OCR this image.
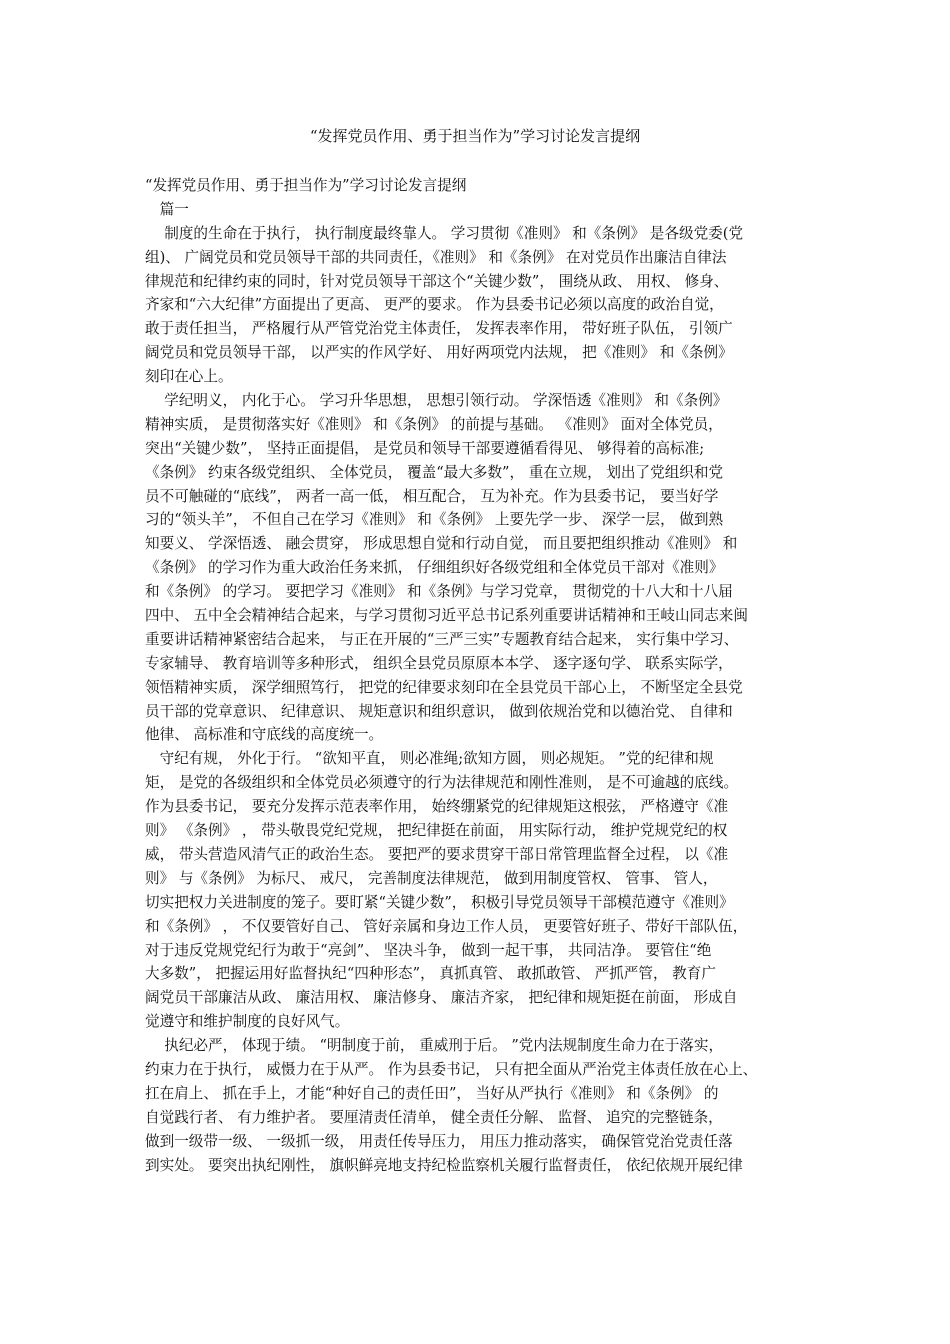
“发挥党员作用、勇于担当作为”学习讨论发言提纲
“发挥党员作用、勇于担当作为”学习讨论发言提纲
　篇一
　 制度的生命在于执行， 执行制度最终靠人。 学习贯彻《准则》 和《条例》 是各级党委(党
组)、 广阔党员和党员领导干部的共同责任，《准则》 和《条例》 在对党员作出廉洁自律法
律规范和纪律约束的同时，针对党员领导干部这个“关键少数”， 围绕从政、 用权、 修身、
齐家和“六大纪律”方面提出了更高、 更严的要求。 作为县委书记必须以高度的政治自觉，
敢于责任担当， 严格履行从严管党治党主体责任， 发挥表率作用， 带好班子队伍， 引领广
阔党员和党员领导干部， 以严实的作风学好、 用好两项党内法规， 把《准则》 和《条例》
刻印在心上。
　 学纪明义， 内化于心。 学习升华思想， 思想引领行动。 学深悟透《准则》 和《条例》
精神实质， 是贯彻落实好《准则》 和《条例》 的前提与基础。 《准则》 面对全体党员，
突出“关键少数”， 坚持正面提倡， 是党员和领导干部要遵循看得见、 够得着的高标准;
《条例》 约束各级党组织、 全体党员， 覆盖“最大多数”， 重在立规， 划出了党组织和党
员不可触碰的“底线”， 两者一高一低， 相互配合， 互为补充。作为县委书记， 要当好学
习的“领头羊”， 不但自己在学习《准则》 和《条例》 上要先学一步、 深学一层， 做到熟
知要义、 学深悟透、 融会贯穿， 形成思想自觉和行动自觉， 而且要把组织推动《准则》 和
《条例》 的学习作为重大政治任务来抓， 仔细组织好各级党组和全体党员干部对《准则》
和《条例》 的学习。 要把学习《准则》 和《条例》与学习党章， 贯彻党的十八大和十八届
四中、 五中全会精神结合起来，与学习贯彻习近平总书记系列重要讲话精神和王岐山同志来闽
重要讲话精神紧密结合起来， 与正在开展的“三严三实”专题教育结合起来， 实行集中学习、
专家辅导、 教育培训等多种形式， 组织全县党员原原本本学、 逐字逐句学、 联系实际学，
领悟精神实质， 深学细照笃行， 把党的纪律要求刻印在全县党员干部心上， 不断坚定全县党
员干部的党章意识、 纪律意识、 规矩意识和组织意识， 做到依规治党和以德治党、 自律和
他律、 高标准和守底线的高度统一。
　守纪有规， 外化于行。 “欲知平直， 则必准绳;欲知方圆， 则必规矩。 ”党的纪律和规
矩， 是党的各级组织和全体党员必须遵守的行为法律规范和刚性准则， 是不可逾越的底线。
作为县委书记， 要充分发挥示范表率作用， 始终绷紧党的纪律规矩这根弦， 严格遵守《准
则》 《条例》 ， 带头敬畏党纪党规， 把纪律挺在前面， 用实际行动， 维护党规党纪的权
威， 带头营造风清气正的政治生态。 要把严的要求贯穿干部日常管理监督全过程， 以《准
则》 与《条例》 为标尺、 戒尺， 完善制度法律规范， 做到用制度管权、 管事、 管人，
切实把权力关进制度的笼子。要盯紧“关键少数”， 积极引导党员领导干部模范遵守《准则》
和《条例》 ， 不仅要管好自己、 管好亲属和身边工作人员， 更要管好班子、带好干部队伍，
对于违反党规党纪行为敢于“亮剑”、 坚决斗争， 做到一起干事， 共同洁净。 要管住“绝
大多数”， 把握运用好监督执纪“四种形态”， 真抓真管、 敢抓敢管、 严抓严管， 教育广
阔党员干部廉洁从政、 廉洁用权、 廉洁修身、 廉洁齐家， 把纪律和规矩挺在前面， 形成自
觉遵守和维护制度的良好风气。
　 执纪必严， 体现于绩。 “明制度于前， 重威刑于后。 ”党内法规制度生命力在于落实，
约束力在于执行， 威慑力在于从严。 作为县委书记， 只有把全面从严治党主体责任放在心上、
扛在肩上、 抓在手上，才能“种好自己的责任田”， 当好从严执行《准则》 和《条例》 的
自觉践行者、 有力维护者。 要厘清责任清单， 健全责任分解、 监督、 追究的完整链条，
做到一级带一级、 一级抓一级， 用责任传导压力， 用压力推动落实， 确保管党治党责任落
到实处。 要突出执纪刚性， 旗帜鲜亮地支持纪检监察机关履行监督责任， 依纪依规开展纪律
